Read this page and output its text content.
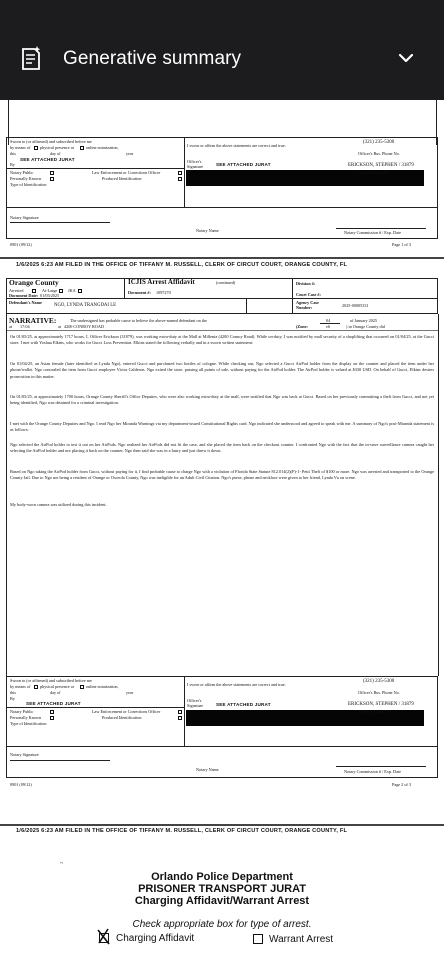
Generative summary
Sworn to (or affirmed) and subscribed before me
by means of physical presence or	online notarization,
this	day of	year
By
SEE ATTACHED JURAT
Notary Public	Law Enforcement or Corrections Officer
Personally Known	Produced Identification
Type of Identification
Notary Signature
I swear or affirm the above statements are correct and true.
Officer's Signature	SEE ATTACHED JURAT
(321) 235-5300
Officer's Bus. Phone No.
ERICKSON, STEPHEN / 31879
Officer's Name/ID
Notary Name	Notary Commission # / Exp. Date
0901 (09/12)	Page 1 of 3
1/6/2025 6:23 AM FILED IN THE OFFICE OF TIFFANY M. RUSSELL, CLERK OF CIRCUT COURT, ORANGE COUNTY, FL
Orange County
Arrested	At-Large	JKA
Document Date: 01/05/2025
ICJIS Arrest Affidavit	(continued)
Document #: 1097270
Division #:
Court Case #:
Defendant's Name
NGO, LYNDA TRANGDAI LE
Agency Case Number:	2025-00005331
NARRATIVE:	The undersigned has probable cause to believe the above-named defendant on the	04	of January 2025
at 17:04	at 4200 CONROY ROAD	(Zone:	e6	) in Orange County did
On 01/05/25, at approximately 1717 hours, I, Officer Erickson (31879), was working extra-duty at the Mall at Millenia (4200 Conroy Road). While on-duty, I was notified by mall security of a shoplifting that occurred on 01/04/25, at the Gucci store. I met with Yoshua Elkins, who works for Gucci Loss Prevention. Elkins stated the following verbally and in a sworn written statement:
On 01/04/25, an Asian female (later identified as Lynda Ngo), entered Gucci and purchased two bottles of cologne. While checking out, Ngo selected a Gucci AirPod holder from the display on the counter and placed the item under her phone/wallet. Ngo concealed the item from Gucci employee Victor Calderon. Ngo exited the store, passing all points of sale, without paying for the AirPod holder. The AirPod holder is valued at $330 USD. On behalf of Gucci, Elkins desires prosecution in this matter.
On 01/05/25, at approximately 1700 hours, Orange County Sheriff's Office Deputies, who were also working extra-duty at the mall, were notified that Ngo was back at Gucci. Based on her previously committing a theft from Gucci, and not yet being identified, Ngo was detained for a criminal investigation.
I met with the Orange County Deputies and Ngo. I read Ngo her Miranda Warnings via my department-issued Constitutional Rights card. Ngo indicated she understood and agreed to speak with me. A summary of Ngo's post-Miranda statement is as follows:
Ngo selected the AirPod holder to test it out on her AirPods. Ngo realized her AirPods did not fit the case, and she placed the item back on the checkout counter. I confronted Ngo with the fact that the in-store surveillance camera caught her selecting the AirPod holder and not placing it back on the counter. Ngo then said she was in a hurry and just threw it down.
Based on Ngo taking the AirPod holder from Gucci, without paying for it, I find probable cause to charge Ngo with a violation of Florida State Statute 812.014(2)(F)-1- Petit Theft of $100 or more. Ngo was arrested and transported to the Orange County Jail. Due to Ngo not being a resident of Orange or Osceola County, Ngo was ineligible for an Adult Civil Citation. Ngo's purse, phone and necklace were given to her friend, Lynda Vu on scene.
My body-worn camera was utilized during this incident.
Sworn to (or affirmed) and subscribed before me
by means of physical presence or	online notarization,
this	day of	year
By
SEE ATTACHED JURAT
Notary Public	Law Enforcement or Corrections Officer
Personally Known	Produced Identification
Type of Identification
Notary Signature
I swear or affirm the above statements are correct and true.
Officer's Signature	SEE ATTACHED JURAT
(321) 235-5300
Officer's Bus. Phone No.
ERICKSON, STEPHEN / 31879
Officer's Name/ID
Notary Name	Notary Commission # / Exp. Date
0901 (09/12)	Page 2 of 3
1/6/2025 6:23 AM FILED IN THE OFFICE OF TIFFANY M. RUSSELL, CLERK OF CIRCUT COURT, ORANGE COUNTY, FL
~
Orlando Police Department
PRISONER TRANSPORT JURAT
Charging Affidavit/Warrant Arrest
Check appropriate box for type of arrest.
Charging Affidavit	Warrant Arrest
